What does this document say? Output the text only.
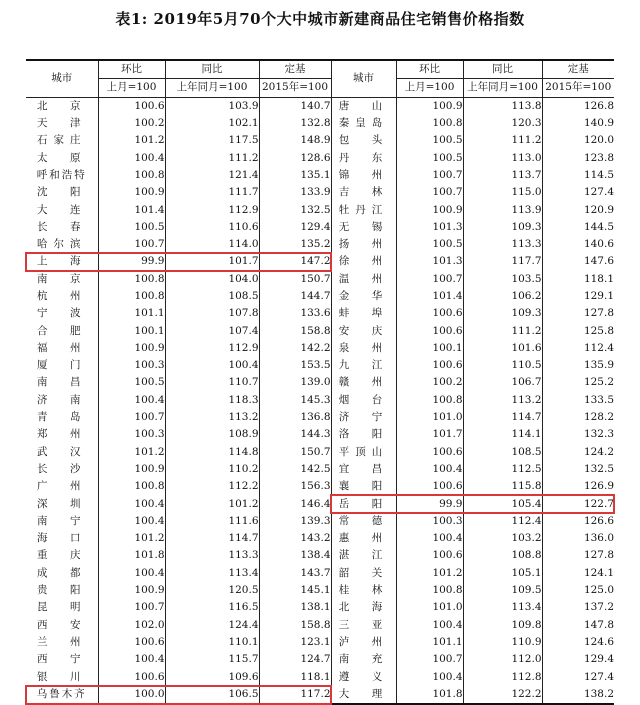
表1: 2019年5月70个大中城市新建商品住宅销售价格指数
城市	环比	同比	定基	城市	环比	同比	定基
	上月=100	上年同月=100	2015年=100		上月=100	上年同月=100	2015年=100
北　京	100.6	103.9	140.7	唐　山	100.9	113.8	126.8
天　津	100.2	102.1	132.8	秦皇岛	100.8	120.3	140.9
石家庄	101.2	117.5	148.9	包　头	100.5	111.2	120.0
太　原	100.4	111.2	128.6	丹　东	100.5	113.0	123.8
呼和浩特	100.8	121.4	135.1	锦　州	100.7	113.7	114.5
沈　阳	100.9	111.7	133.9	吉　林	100.7	115.0	127.4
大　连	101.4	112.9	132.5	牡丹江	100.9	113.9	120.9
长　春	100.5	110.6	129.4	无　锡	101.3	109.3	144.5
哈尔滨	100.7	114.0	135.2	扬　州	100.5	113.3	140.6
上　海	99.9	101.7	147.2	徐　州	101.3	117.7	147.6
南　京	100.8	104.0	150.7	温　州	100.7	103.5	118.1
杭　州	100.8	108.5	144.7	金　华	101.4	106.2	129.1
宁　波	101.1	107.8	133.6	蚌　埠	100.6	109.3	127.8
合　肥	100.1	107.4	158.8	安　庆	100.6	111.2	125.8
福　州	100.9	112.9	142.2	泉　州	100.1	101.6	112.4
厦　门	100.3	100.4	153.5	九　江	100.6	110.5	135.9
南　昌	100.5	110.7	139.0	赣　州	100.2	106.7	125.2
济　南	100.4	118.3	145.3	烟　台	100.8	113.2	133.5
青　岛	100.7	113.2	136.8	济　宁	101.0	114.7	128.2
郑　州	100.3	108.9	144.3	洛　阳	101.7	114.1	132.3
武　汉	101.2	114.8	150.7	平顶山	100.6	108.5	124.2
长　沙	100.9	110.2	142.5	宜　昌	100.4	112.5	132.5
广　州	100.8	112.2	156.3	襄　阳	100.6	115.8	126.9
深　圳	100.4	101.2	146.4	岳　阳	99.9	105.4	122.7
南　宁	100.4	111.6	139.3	常　德	100.3	112.4	126.6
海　口	101.2	114.7	143.2	惠　州	100.4	103.2	136.0
重　庆	101.8	113.3	138.4	湛　江	100.6	108.8	127.8
成　都	100.4	113.4	143.7	韶　关	101.2	105.1	124.1
贵　阳	100.9	120.5	145.1	桂　林	100.8	109.5	125.0
昆　明	100.7	116.5	138.1	北　海	101.0	113.4	137.2
西　安	102.0	124.4	158.8	三　亚	100.4	109.8	147.8
兰　州	100.6	110.1	123.1	泸　州	101.1	110.9	124.6
西　宁	100.4	115.7	124.7	南　充	100.7	112.0	129.4
银　川	100.6	109.6	118.1	遵　义	100.4	112.8	127.4
乌鲁木齐	100.0	106.5	117.2	大　理	101.8	122.2	138.2
